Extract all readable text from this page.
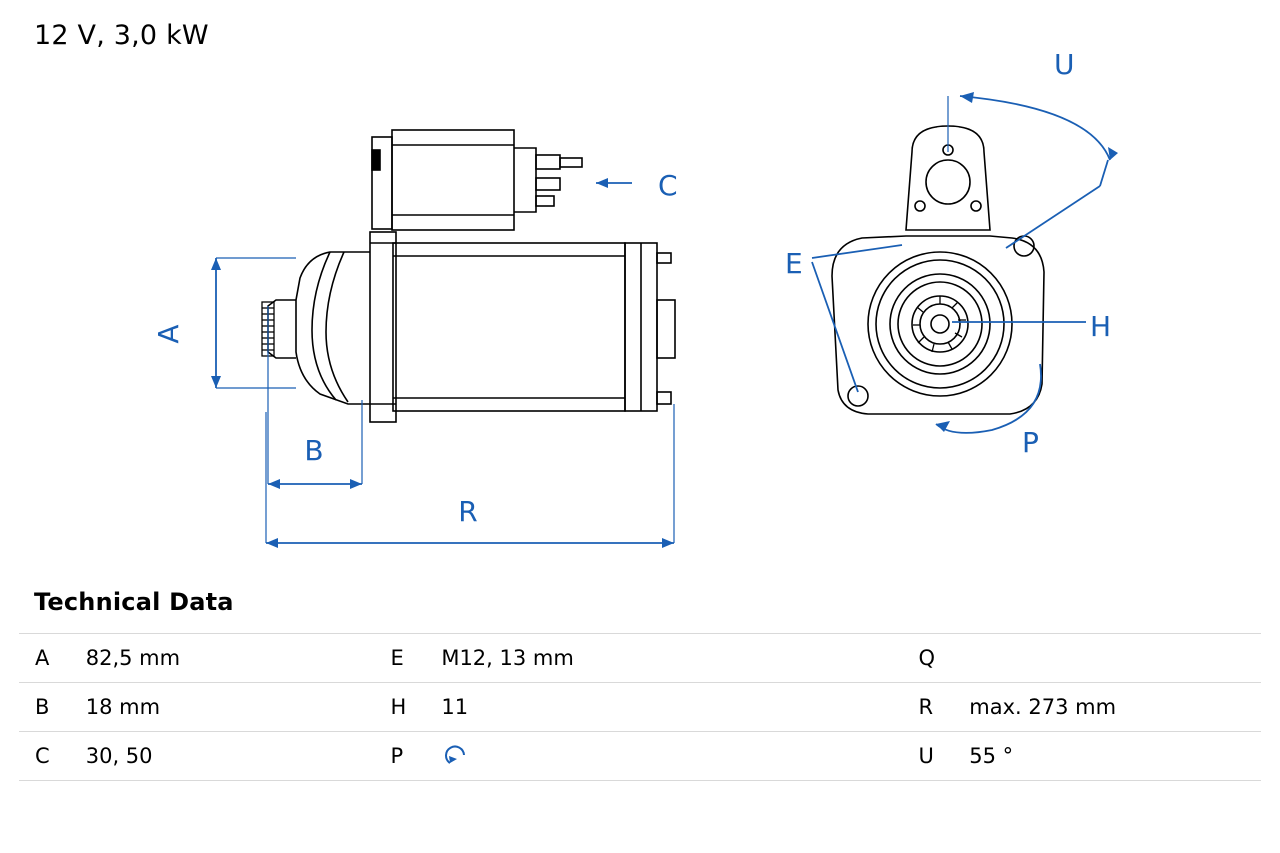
12 V, 3,0 kW
A
B
C
E
H
P
R
U
Technical Data
A	82,5 mm	E	M12, 13 mm	Q	
B	18 mm	H	11	R	max. 273 mm
C	30, 50	P		U	55 °
